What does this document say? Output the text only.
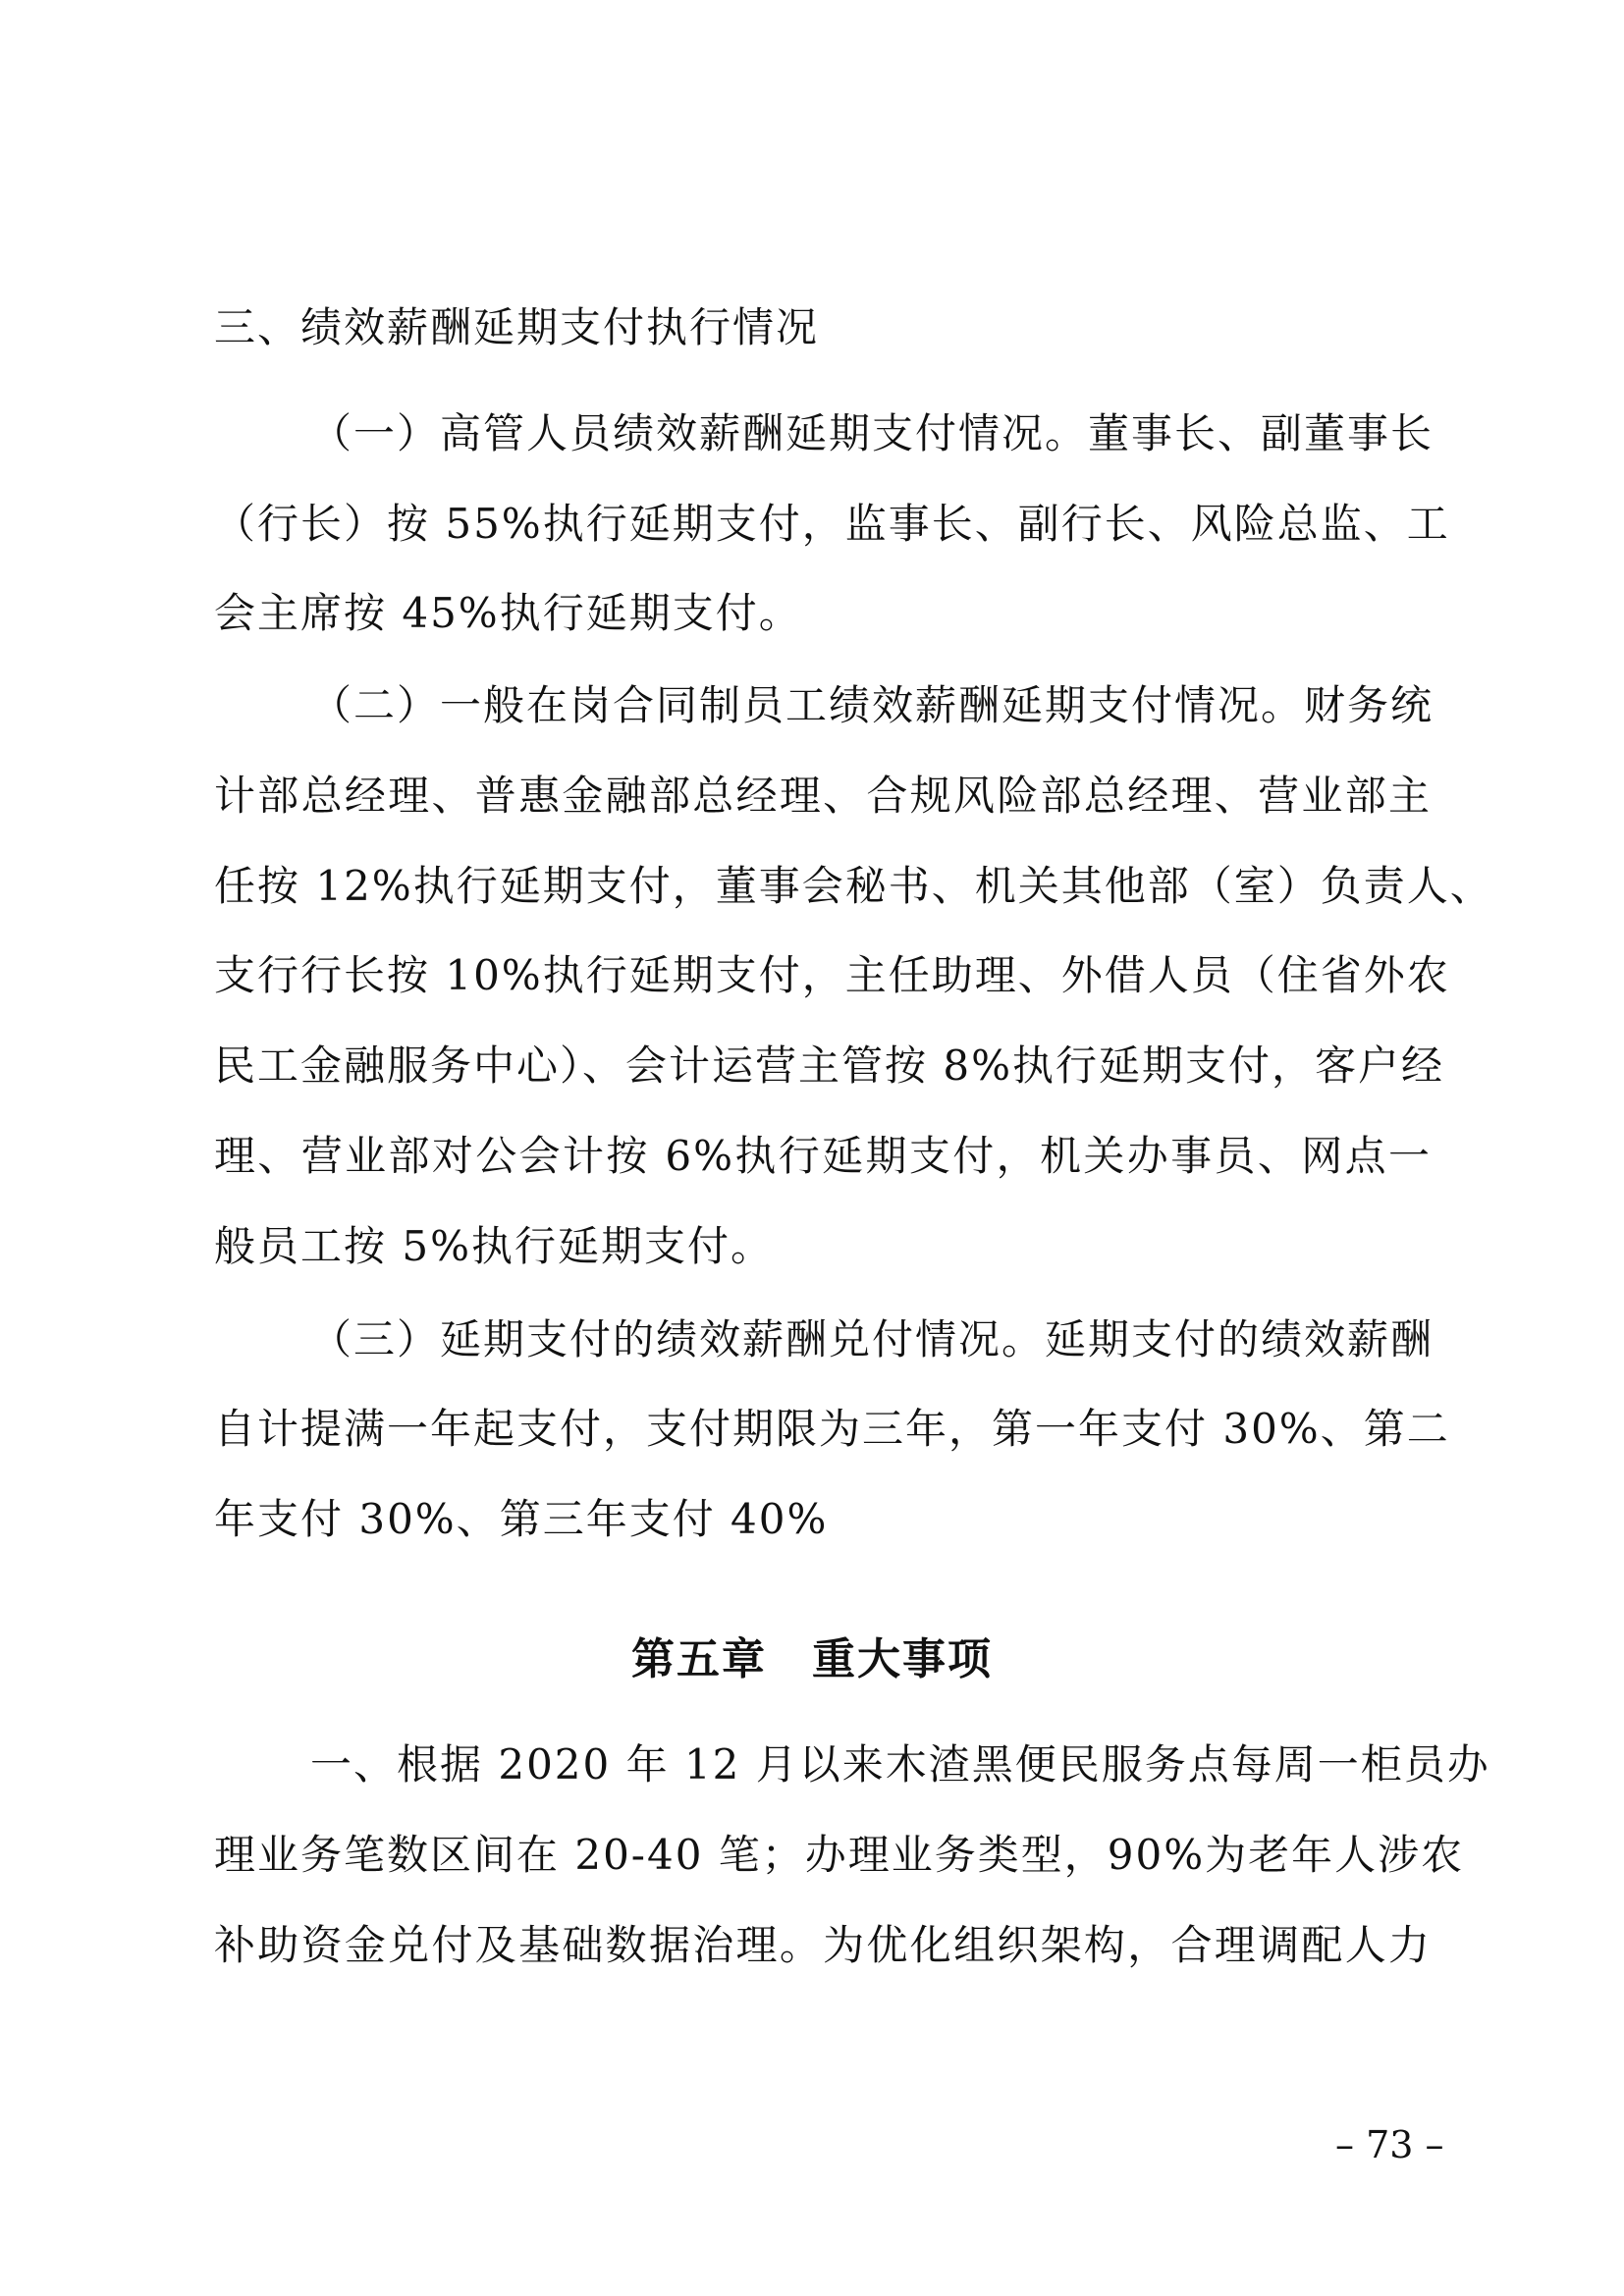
三、绩效薪酬延期支付执行情况
（一）高管人员绩效薪酬延期支付情况。董事长、副董事长
（行长）按 55%执行延期支付，监事长、副行长、风险总监、工
会主席按 45%执行延期支付。
（二）一般在岗合同制员工绩效薪酬延期支付情况。财务统
计部总经理、普惠金融部总经理、合规风险部总经理、营业部主
任按 12%执行延期支付，董事会秘书、机关其他部（室）负责人、
支行行长按 10%执行延期支付，主任助理、外借人员（住省外农
民工金融服务中心）、会计运营主管按 8%执行延期支付，客户经
理、营业部对公会计按 6%执行延期支付，机关办事员、网点一
般员工按 5%执行延期支付。
（三）延期支付的绩效薪酬兑付情况。延期支付的绩效薪酬
自计提满一年起支付，支付期限为三年，第一年支付 30%、第二
年支付 30%、第三年支付 40%
第五章　重大事项
一、根据 2020 年 12 月以来木渣黑便民服务点每周一柜员办
理业务笔数区间在 20-40 笔；办理业务类型，90%为老年人涉农
补助资金兑付及基础数据治理。为优化组织架构，合理调配人力
– 73 –
